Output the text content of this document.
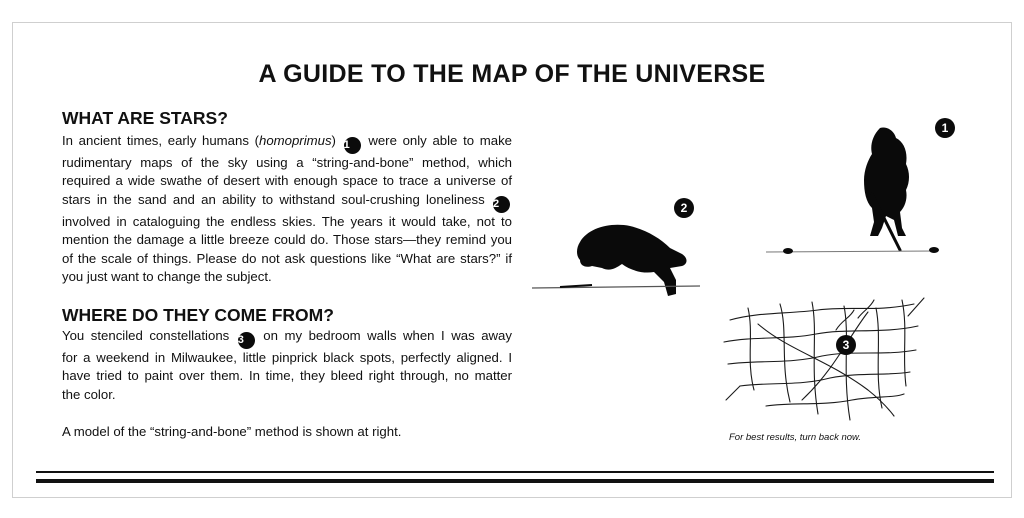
A GUIDE TO THE MAP OF THE UNIVERSE
WHAT ARE STARS?
In ancient times, early humans (homoprimus) 1 were only able to make
rudimentary maps of the sky using a “string-and-bone” method, which
required a wide swathe of desert with enough space to trace a universe of
stars in the sand and an ability to withstand soul-crushing loneliness 2
involved in cataloguing the endless skies. The years it would take, not to
mention the damage a little breeze could do. Those stars—they remind you
of the scale of things. Please do not ask questions like “What are stars?” if
you just want to change the subject.
WHERE DO THEY COME FROM?
You stenciled constellations 3 on my bedroom walls when I was away
for a weekend in Milwaukee, little pinprick black spots, perfectly aligned. I
have tried to paint over them. In time, they bleed right through, no matter
the color.

A model of the “string-and-bone” method is shown at right.

1
2
3

For best results, turn back now.
